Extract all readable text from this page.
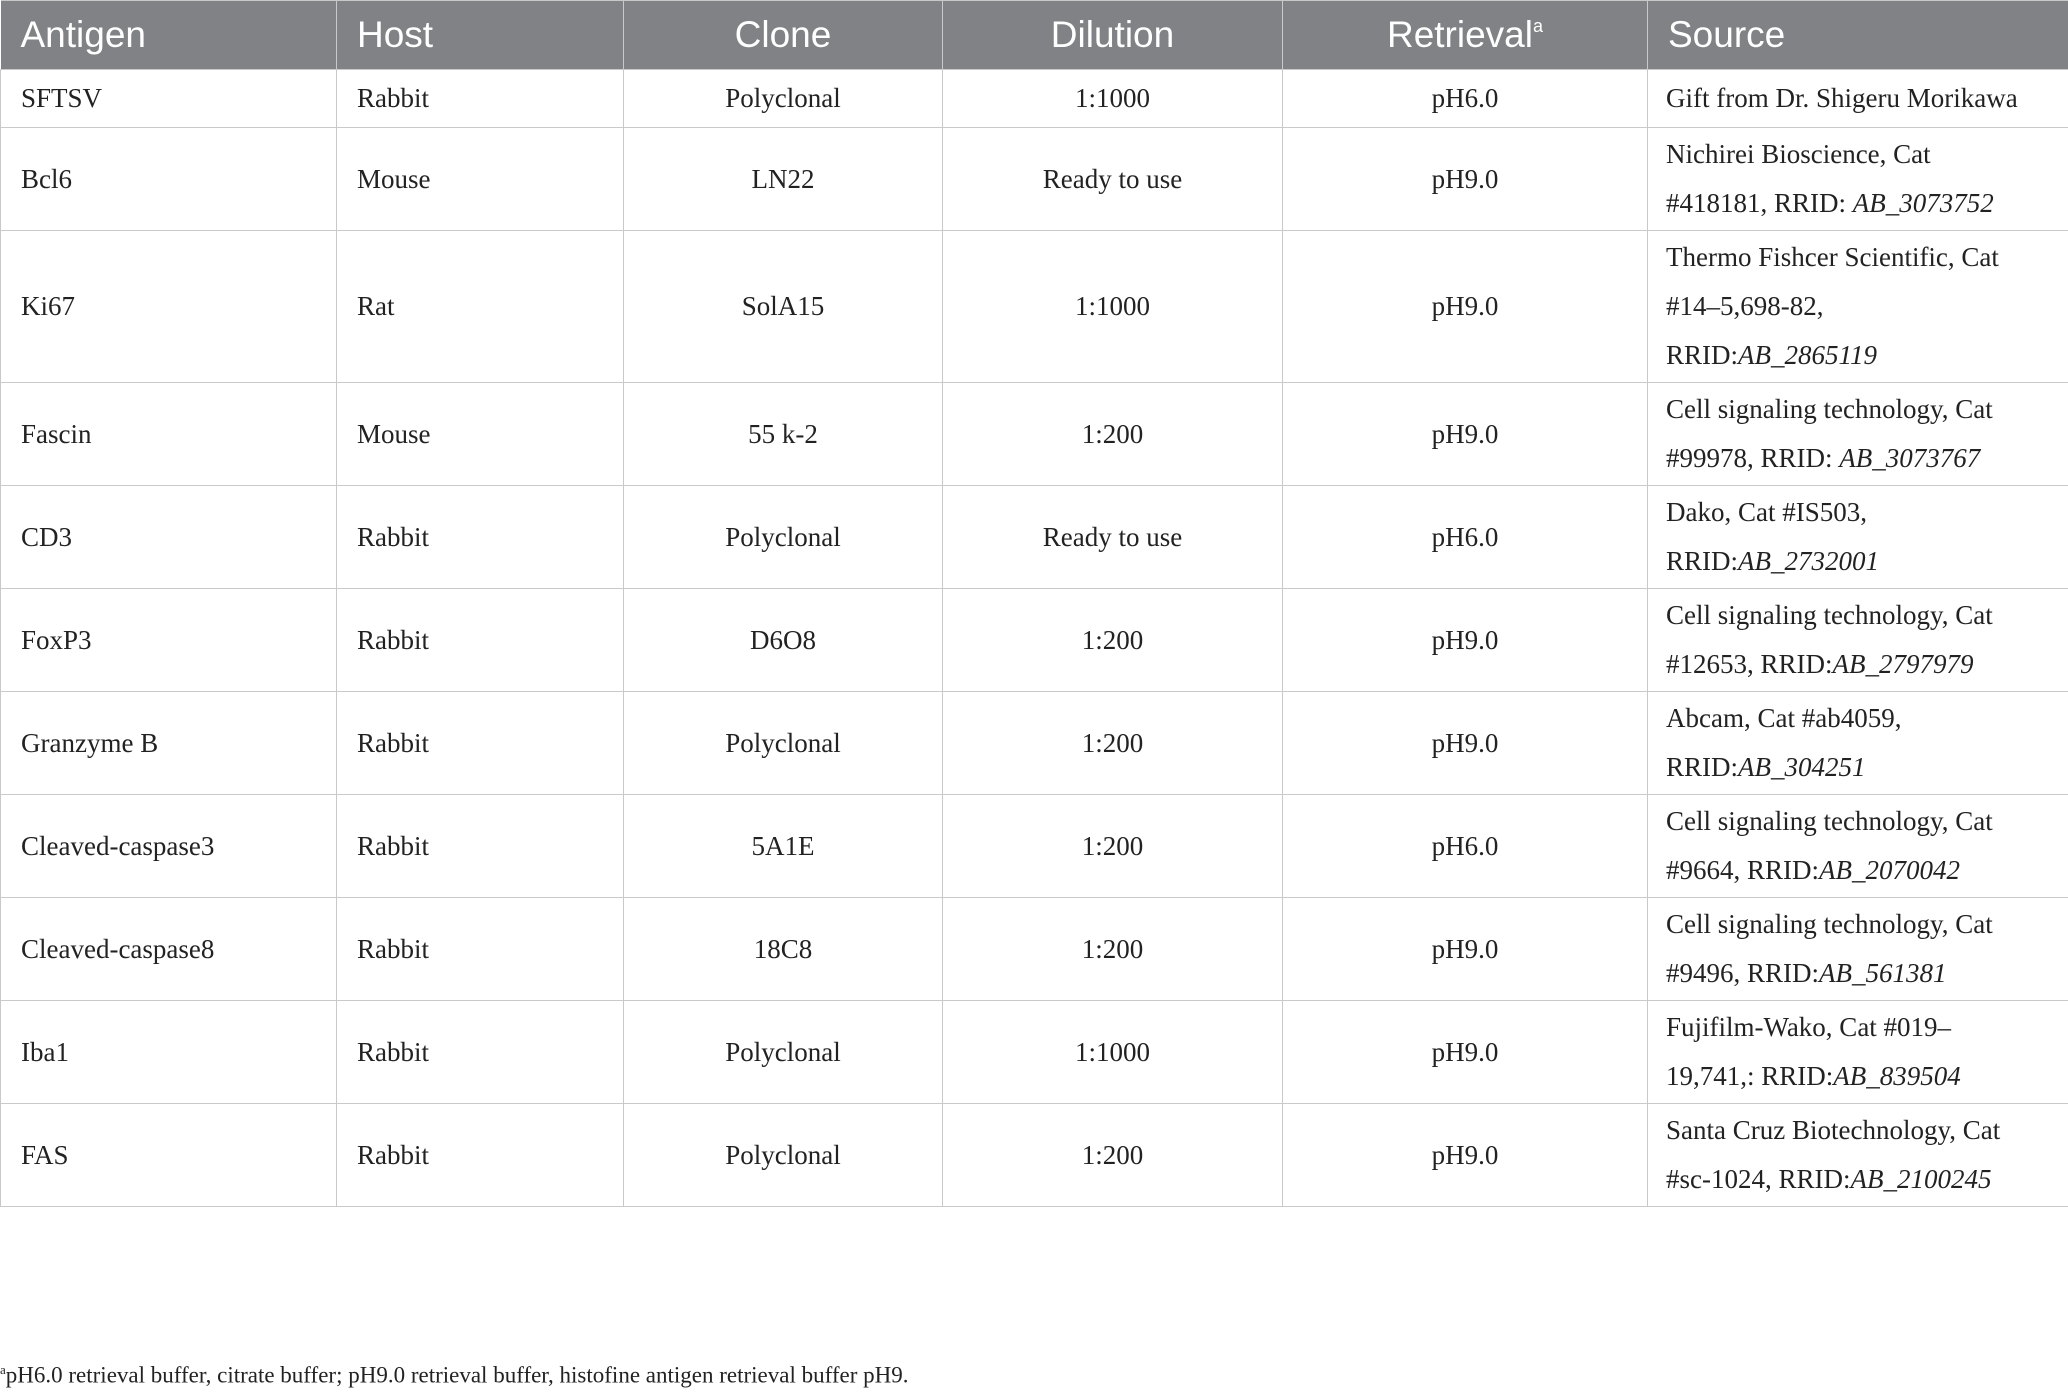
Antigen	Host	Clone	Dilution	Retrieval$^a$	Source
SFTSV	Rabbit	Polyclonal	1:1000	pH6.0	Gift from Dr. Shigeru Morikawa

Bcl6	Mouse	LN22	Ready to use	pH9.0	Nichirei Bioscience, Cat
#418181, RRID: AB_3073752

Ki67	Rat	SolA15	1:1000	pH9.0	Thermo Fishcer Scientific, Cat
#14–5,698-82,
RRID:AB_2865119

Fascin	Mouse	55 k-2	1:200	pH9.0	Cell signaling technology, Cat
#99978, RRID: AB_3073767

CD3	Rabbit	Polyclonal	Ready to use	pH6.0	Dako, Cat #IS503,
RRID:AB_2732001

FoxP3	Rabbit	D6O8	1:200	pH9.0	Cell signaling technology, Cat
#12653, RRID:AB_2797979

Granzyme B	Rabbit	Polyclonal	1:200	pH9.0	Abcam, Cat #ab4059,
RRID:AB_304251

Cleaved-caspase3	Rabbit	5A1E	1:200	pH6.0	Cell signaling technology, Cat
#9664, RRID:AB_2070042

Cleaved-caspase8	Rabbit	18C8	1:200	pH9.0	Cell signaling technology, Cat
#9496, RRID:AB_561381

Iba1	Rabbit	Polyclonal	1:1000	pH9.0	Fujifilm-Wako, Cat #019–
19,741,: RRID:AB_839504

FAS	Rabbit	Polyclonal	1:200	pH9.0	Santa Cruz Biotechnology, Cat
#sc-1024, RRID:AB_2100245
$^a$pH6.0 retrieval buffer, citrate buffer; pH9.0 retrieval buffer, histofine antigen retrieval buffer pH9.
